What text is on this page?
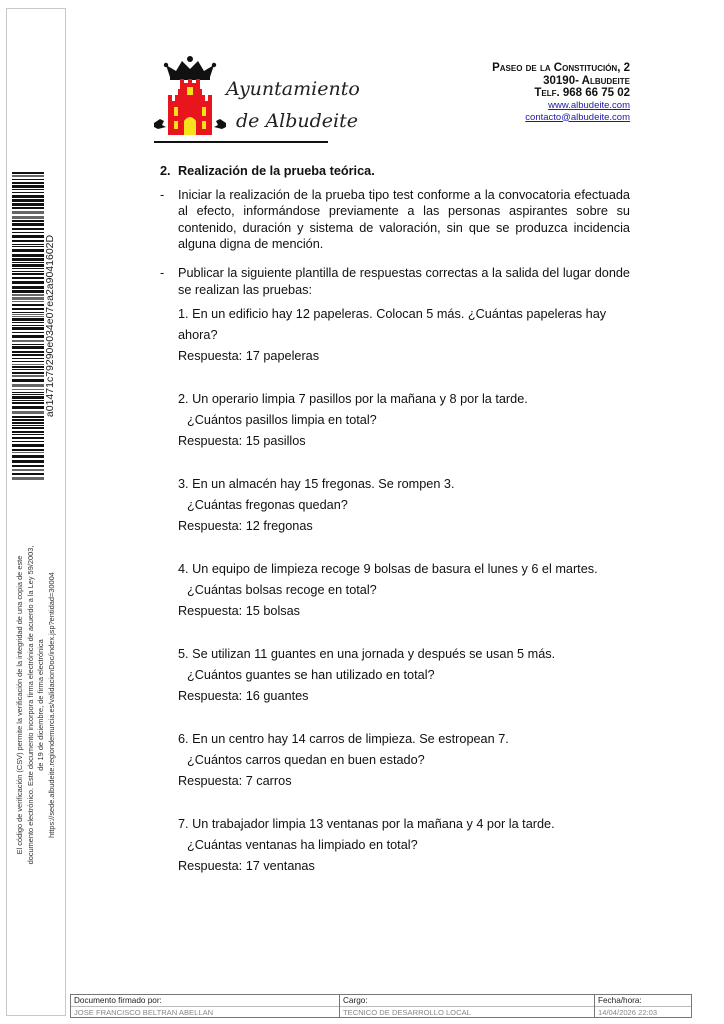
a01471c79290e034e07ea2a9041602D
El código de verificación (CSV) permite la verificación de la integridad de una copia de este documento electrónico. Este documento incorpora firma electrónica de acuerdo a la Ley 59/2003, de 19 de diciembre, de firma electrónica https://sede.albudeite.regiondemurcia.es/validacionDoc/index.jsp?entidad=30004
Ayuntamiento
de Albudeite
Paseo de la Constitución, 2
30190- Albudeite
Telf. 968 66 75 02
www.albudeite.com
contacto@albudeite.com
2. Realización de la prueba teórica.
- Iniciar la realización de la prueba tipo test conforme a la convocatoria efectuada al efecto, informándose previamente a las personas aspirantes sobre su contenido, duración y sistema de valoración, sin que se produzca incidencia alguna digna de mención.
- Publicar la siguiente plantilla de respuestas correctas a la salida del lugar donde se realizan las pruebas:
1. En un edificio hay 12 papeleras. Colocan 5 más. ¿Cuántas papeleras hay ahora?
Respuesta: 17 papeleras
2. Un operario limpia 7 pasillos por la mañana y 8 por la tarde.
¿Cuántos pasillos limpia en total?
Respuesta: 15 pasillos
3. En un almacén hay 15 fregonas. Se rompen 3.
¿Cuántas fregonas quedan?
Respuesta: 12 fregonas
4. Un equipo de limpieza recoge 9 bolsas de basura el lunes y 6 el martes.
¿Cuántas bolsas recoge en total?
Respuesta: 15 bolsas
5. Se utilizan 11 guantes en una jornada y después se usan 5 más.
¿Cuántos guantes se han utilizado en total?
Respuesta: 16 guantes
6. En un centro hay 14 carros de limpieza. Se estropean 7.
¿Cuántos carros quedan en buen estado?
Respuesta: 7 carros
7. Un trabajador limpia 13 ventanas por la mañana y 4 por la tarde.
¿Cuántas ventanas ha limpiado en total?
Respuesta: 17 ventanas
Documento firmado por:
JOSE FRANCISCO BELTRAN ABELLAN
Cargo:
TECNICO DE DESARROLLO LOCAL
Fecha/hora:
14/04/2026 22:03
